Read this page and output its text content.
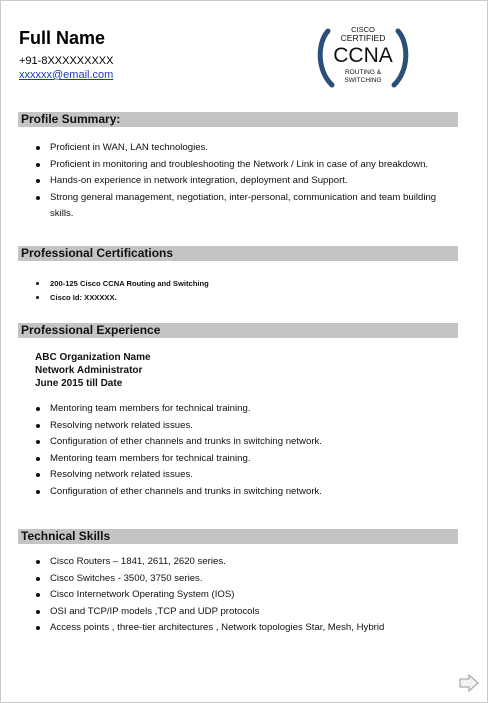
Full Name
+91-8XXXXXXXXX
xxxxxx@email.com
CISCO
CERTIFIED
CCNA
ROUTING &
SWITCHING
Profile Summary:
Proficient in WAN, LAN technologies.
Proficient in monitoring and troubleshooting the Network / Link in case of any breakdown.
Hands-on experience in network integration, deployment and Support.
Strong general management, negotiation, inter-personal, communication and team building skills.
Professional Certifications
200-125 Cisco CCNA Routing and Switching
Cisco Id: XXXXXX.
Professional Experience
ABC Organization Name
Network Administrator
June 2015 till Date
Mentoring team members for technical training.
Resolving network related issues.
Configuration of ether channels and trunks in switching network.
Mentoring team members for technical training.
Resolving network related issues.
Configuration of ether channels and trunks in switching network.
Technical Skills
Cisco Routers – 1841, 2611, 2620 series.
Cisco Switches - 3500, 3750 series.
Cisco Internetwork Operating System (IOS)
OSI and TCP/IP models ,TCP and UDP protocols
Access points , three-tier architectures , Network topologies Star, Mesh, Hybrid
